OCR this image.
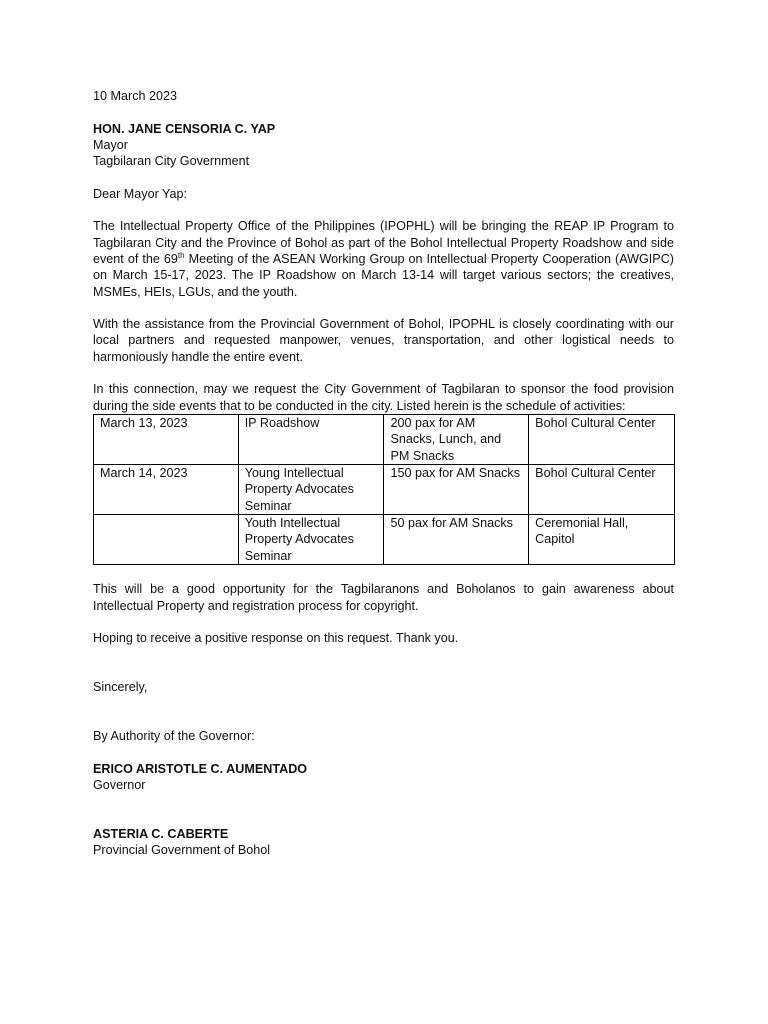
10 March 2023

HON. JANE CENSORIA C. YAP

Mayor

Tagbilaran City Government

Dear Mayor Yap:

The Intellectual Property Office of the Philippines (IPOPHL) will be bringing the REAP IP Program to Tagbilaran City and the Province of Bohol as part of the Bohol Intellectual Property Roadshow and side event of the 69th Meeting of the ASEAN Working Group on Intellectual Property Cooperation (AWGIPC) on March 15-17, 2023. The IP Roadshow on March 13-14 will target various sectors; the creatives, MSMEs, HEIs, LGUs, and the youth.

With the assistance from the Provincial Government of Bohol, IPOPHL is closely coordinating with our local partners and requested manpower, venues, transportation, and other logistical needs to harmoniously handle the entire event.

In this connection, may we request the City Government of Tagbilaran to sponsor the food provision during the side events that to be conducted in the city. Listed herein is the schedule of activities:

March 13, 2023	IP Roadshow	200 pax for AM Snacks, Lunch, and PM Snacks	Bohol Cultural Center
March 14, 2023	Young Intellectual Property Advocates Seminar	150 pax for AM Snacks	Bohol Cultural Center
	Youth Intellectual Property Advocates Seminar	50 pax for AM Snacks	Ceremonial Hall, Capitol

This will be a good opportunity for the Tagbilaranons and Boholanos to gain awareness about Intellectual Property and registration process for copyright.

Hoping to receive a positive response on this request. Thank you.

Sincerely,

By Authority of the Governor:

ERICO ARISTOTLE C. AUMENTADO

Governor

ASTERIA C. CABERTE

Provincial Government of Bohol
